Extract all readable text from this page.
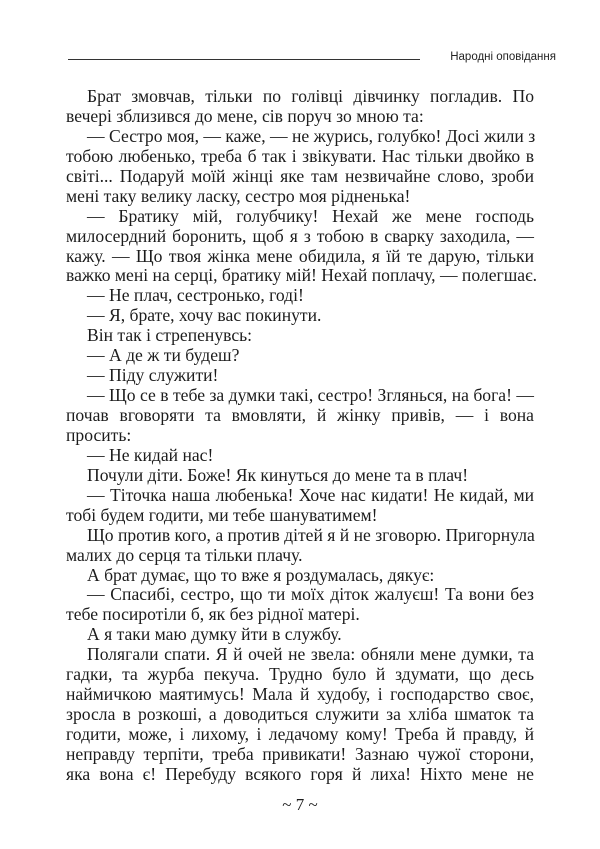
Народні оповідання
Брат змовчав, тільки по голівці дівчинку погладив. По
вечері зблизився до мене, сів поруч зо мною та:
— Сестро моя, — каже, — не журись, голубко! Досі жили з
тобою любенько, треба б так і звікувати. Нас тільки двойко в
світі... Подаруй моїй жінці яке там незвичайне слово, зроби
мені таку велику ласку, сестро моя рідненька!
— Братику мій, голубчику! Нехай же мене господь
милосердний боронить, щоб я з тобою в сварку заходила, —
кажу. — Що твоя жінка мене обидила, я їй те дарую, тільки
важко мені на серці, братику мій! Нехай поплачу, — полегшає.
— Не плач, сестронько, годі!
— Я, брате, хочу вас покинути.
Він так і стрепенувсь:
— А де ж ти будеш?
— Піду служити!
— Що се в тебе за думки такі, сестро! Зглянься, на бога! —
почав вговоряти та вмовляти, й жінку привів, — і вона
просить:
— Не кидай нас!
Почули діти. Боже! Як кинуться до мене та в плач!
— Тіточка наша любенька! Хоче нас кидати! Не кидай, ми
тобі будем годити, ми тебе шануватимем!
Що против кого, а против дітей я й не зговорю. Пригорнула
малих до серця та тільки плачу.
А брат думає, що то вже я роздумалась, дякує:
— Спасибі, сестро, що ти моїх діток жалуєш! Та вони без
тебе посиротіли б, як без рідної матері.
А я таки маю думку йти в службу.
Полягали спати. Я й очей не звела: обняли мене думки, та
гадки, та журба пекуча. Трудно було й здумати, що десь
наймичкою маятимусь! Мала й худобу, і господарство своє,
зросла в розкоші, а доводиться служити за хліба шматок та
годити, може, і лихому, і ледачому кому! Треба й правду, й
неправду терпіти, треба привикати! Зазнаю чужої сторони,
яка вона є! Перебуду всякого горя й лиха! Ніхто мене не
~ 7 ~
